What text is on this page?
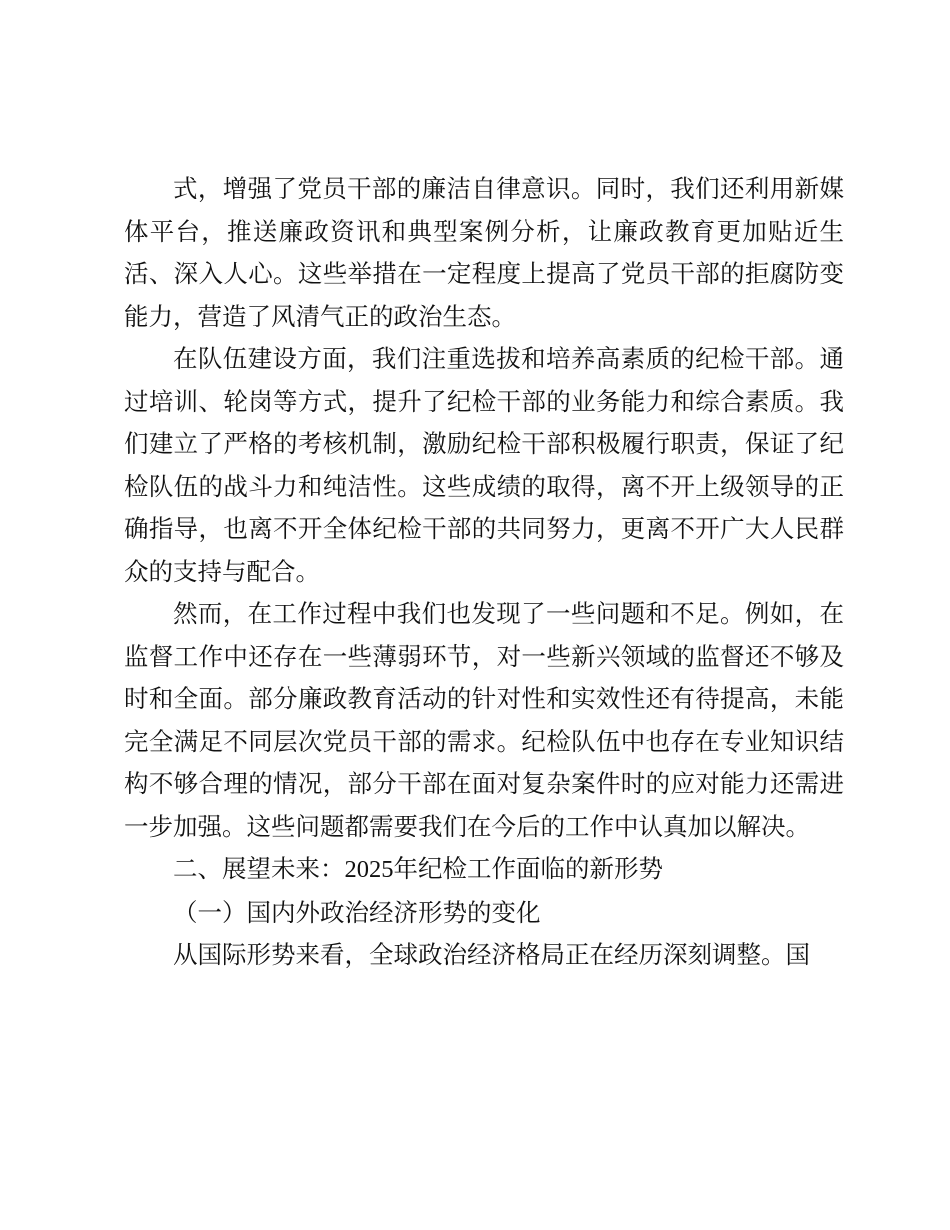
式，增强了党员干部的廉洁自律意识。同时，我们还利用新媒体平台，推送廉政资讯和典型案例分析，让廉政教育更加贴近生活、深入人心。这些举措在一定程度上提高了党员干部的拒腐防变能力，营造了风清气正的政治生态。

在队伍建设方面，我们注重选拔和培养高素质的纪检干部。通过培训、轮岗等方式，提升了纪检干部的业务能力和综合素质。我们建立了严格的考核机制，激励纪检干部积极履行职责，保证了纪检队伍的战斗力和纯洁性。这些成绩的取得，离不开上级领导的正确指导，也离不开全体纪检干部的共同努力，更离不开广大人民群众的支持与配合。

然而，在工作过程中我们也发现了一些问题和不足。例如，在监督工作中还存在一些薄弱环节，对一些新兴领域的监督还不够及时和全面。部分廉政教育活动的针对性和实效性还有待提高，未能完全满足不同层次党员干部的需求。纪检队伍中也存在专业知识结构不够合理的情况，部分干部在面对复杂案件时的应对能力还需进一步加强。这些问题都需要我们在今后的工作中认真加以解决。

二、展望未来：2025年纪检工作面临的新形势

（一）国内外政治经济形势的变化

从国际形势来看，全球政治经济格局正在经历深刻调整。国
